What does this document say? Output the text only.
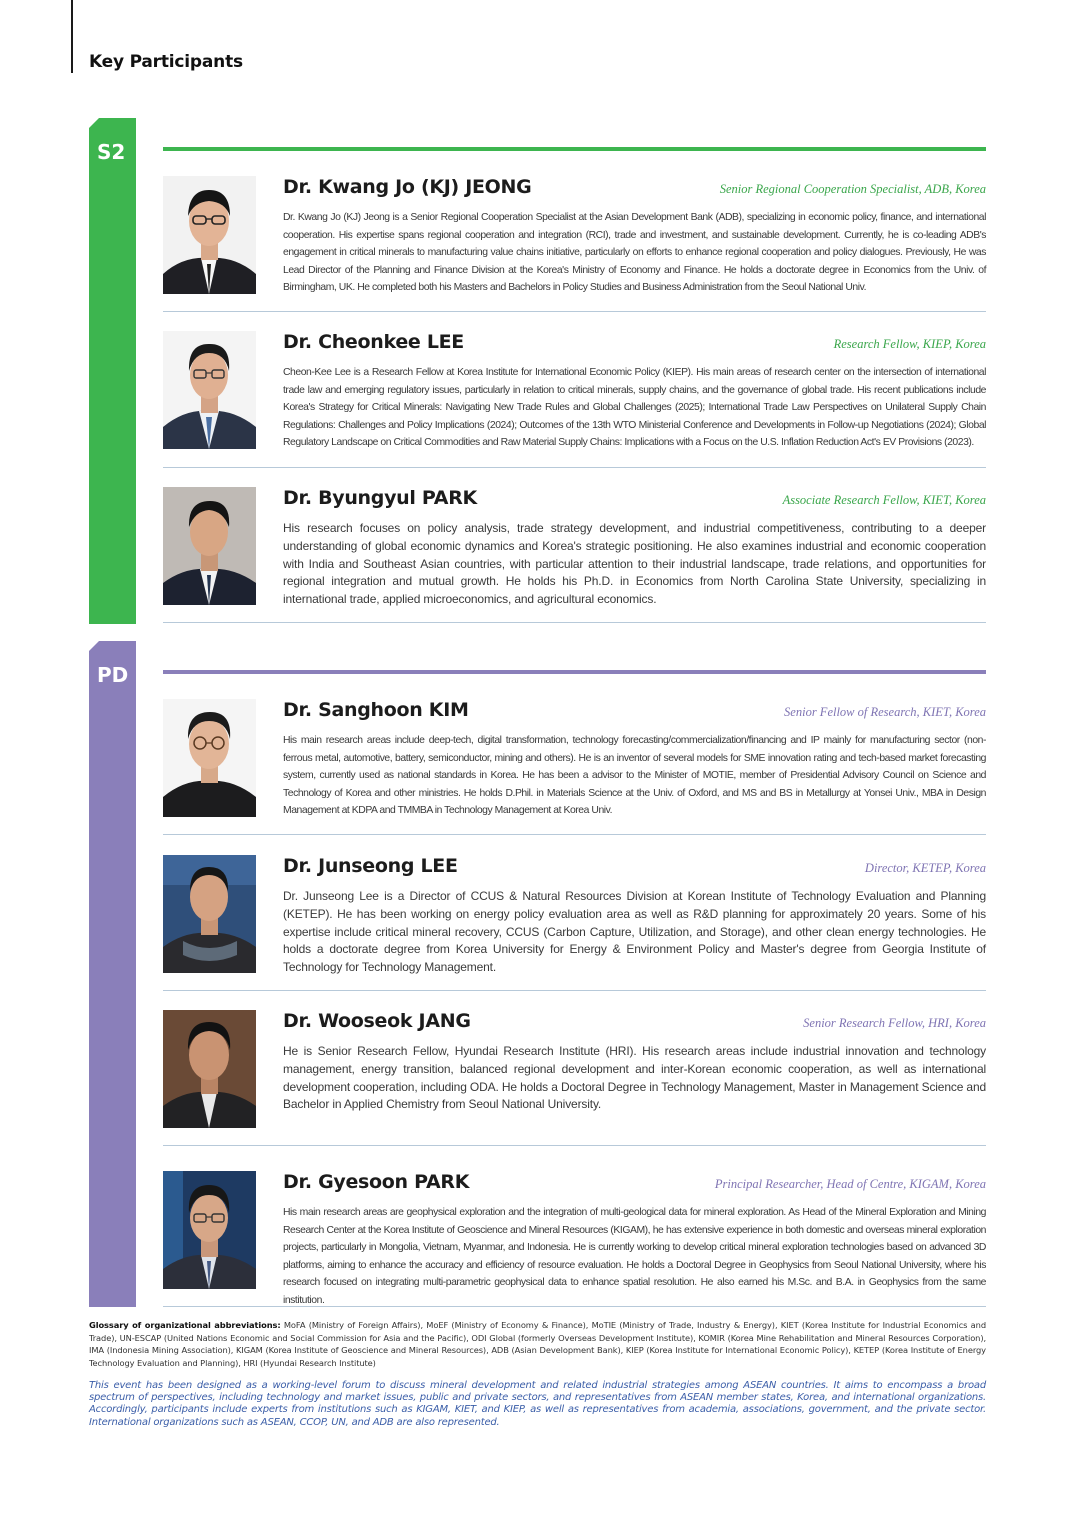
Key Participants
S2
PD
Dr. Kwang Jo (KJ) JEONG	Senior Regional Cooperation Specialist, ADB, Korea
Dr. Kwang Jo (KJ) Jeong is a Senior Regional Cooperation Specialist at the Asian Development Bank (ADB), specializing in economic policy, finance, and international cooperation. His expertise spans regional cooperation and integration (RCI), trade and investment, and sustainable development. Currently, he is co-leading ADB's engagement in critical minerals to manufacturing value chains initiative, particularly on efforts to enhance regional cooperation and policy dialogues. Previously, He was Lead Director of the Planning and Finance Division at the Korea's Ministry of Economy and Finance. He holds a doctorate degree in Economics from the Univ. of Birmingham, UK. He completed both his Masters and Bachelors in Policy Studies and Business Administration from the Seoul National Univ.
Dr. Cheonkee LEE	Research Fellow, KIEP, Korea
Cheon-Kee Lee is a Research Fellow at Korea Institute for International Economic Policy (KIEP). His main areas of research center on the intersection of international trade law and emerging regulatory issues, particularly in relation to critical minerals, supply chains, and the governance of global trade. His recent publications include Korea's Strategy for Critical Minerals: Navigating New Trade Rules and Global Challenges (2025); International Trade Law Perspectives on Unilateral Supply Chain Regulations: Challenges and Policy Implications (2024); Outcomes of the 13th WTO Ministerial Conference and Developments in Follow-up Negotiations (2024); Global Regulatory Landscape on Critical Commodities and Raw Material Supply Chains: Implications with a Focus on the U.S. Inflation Reduction Act's EV Provisions (2023).
Dr. Byungyul PARK	Associate Research Fellow, KIET, Korea
His research focuses on policy analysis, trade strategy development, and industrial competitiveness, contributing to a deeper understanding of global economic dynamics and Korea's strategic positioning. He also examines industrial and economic cooperation with India and Southeast Asian countries, with particular attention to their industrial landscape, trade relations, and opportunities for regional integration and mutual growth. He holds his Ph.D. in Economics from North Carolina State University, specializing in international trade, applied microeconomics, and agricultural economics.
Dr. Sanghoon KIM	Senior Fellow of Research, KIET, Korea
His main research areas include deep-tech, digital transformation, technology forecasting/commercialization/financing and IP mainly for manufacturing sector (non-ferrous metal, automotive, battery, semiconductor, mining and others). He is an inventor of several models for SME innovation rating and tech-based market forecasting system, currently used as national standards in Korea. He has been a advisor to the Minister of MOTIE, member of Presidential Advisory Council on Science and Technology of Korea and other ministries. He holds D.Phil. in Materials Science at the Univ. of Oxford, and MS and BS in Metallurgy at Yonsei Univ., MBA in Design Management at KDPA and TMMBA in Technology Management at Korea Univ.
Dr. Junseong LEE	Director, KETEP, Korea
Dr. Junseong Lee is a Director of CCUS & Natural Resources Division at Korean Institute of Technology Evaluation and Planning (KETEP). He has been working on energy policy evaluation area as well as R&D planning for approximately 20 years. Some of his expertise include critical mineral recovery, CCUS (Carbon Capture, Utilization, and Storage), and other clean energy technologies. He holds a doctorate degree from Korea University for Energy & Environment Policy and Master's degree from Georgia Institute of Technology for Technology Management.
Dr. Wooseok JANG	Senior Research Fellow, HRI, Korea
He is Senior Research Fellow, Hyundai Research Institute (HRI). His research areas include industrial innovation and technology management, energy transition, balanced regional development and inter-Korean economic cooperation, as well as international development cooperation, including ODA. He holds a Doctoral Degree in Technology Management, Master in Management Science and Bachelor in Applied Chemistry from Seoul National University.
Dr. Gyesoon PARK	Principal Researcher, Head of Centre, KIGAM, Korea
His main research areas are geophysical exploration and the integration of multi-geological data for mineral exploration. As Head of the Mineral Exploration and Mining Research Center at the Korea Institute of Geoscience and Mineral Resources (KIGAM), he has extensive experience in both domestic and overseas mineral exploration projects, particularly in Mongolia, Vietnam, Myanmar, and Indonesia. He is currently working to develop critical mineral exploration technologies based on advanced 3D platforms, aiming to enhance the accuracy and efficiency of resource evaluation. He holds a Doctoral Degree in Geophysics from Seoul National University, where his research focused on integrating multi-parametric geophysical data to enhance spatial resolution. He also earned his M.Sc. and B.A. in Geophysics from the same institution.
Glossary of organizational abbreviations: MoFA (Ministry of Foreign Affairs), MoEF (Ministry of Economy & Finance), MoTIE (Ministry of Trade, Industry & Energy), KIET (Korea Institute for Industrial Economics and Trade), UN-ESCAP (United Nations Economic and Social Commission for Asia and the Pacific), ODI Global (formerly Overseas Development Institute), KOMIR (Korea Mine Rehabilitation and Mineral Resources Corporation), IMA (Indonesia Mining Association), KIGAM (Korea Institute of Geoscience and Mineral Resources), ADB (Asian Development Bank), KIEP (Korea Institute for International Economic Policy), KETEP (Korea Institute of Energy Technology Evaluation and Planning), HRI (Hyundai Research Institute)
This event has been designed as a working-level forum to discuss mineral development and related industrial strategies among ASEAN countries. It aims to encompass a broad spectrum of perspectives, including technology and market issues, public and private sectors, and representatives from ASEAN member states, Korea, and international organizations. Accordingly, participants include experts from institutions such as KIGAM, KIET, and KIEP, as well as representatives from academia, associations, government, and the private sector. International organizations such as ASEAN, CCOP, UN, and ADB are also represented.
